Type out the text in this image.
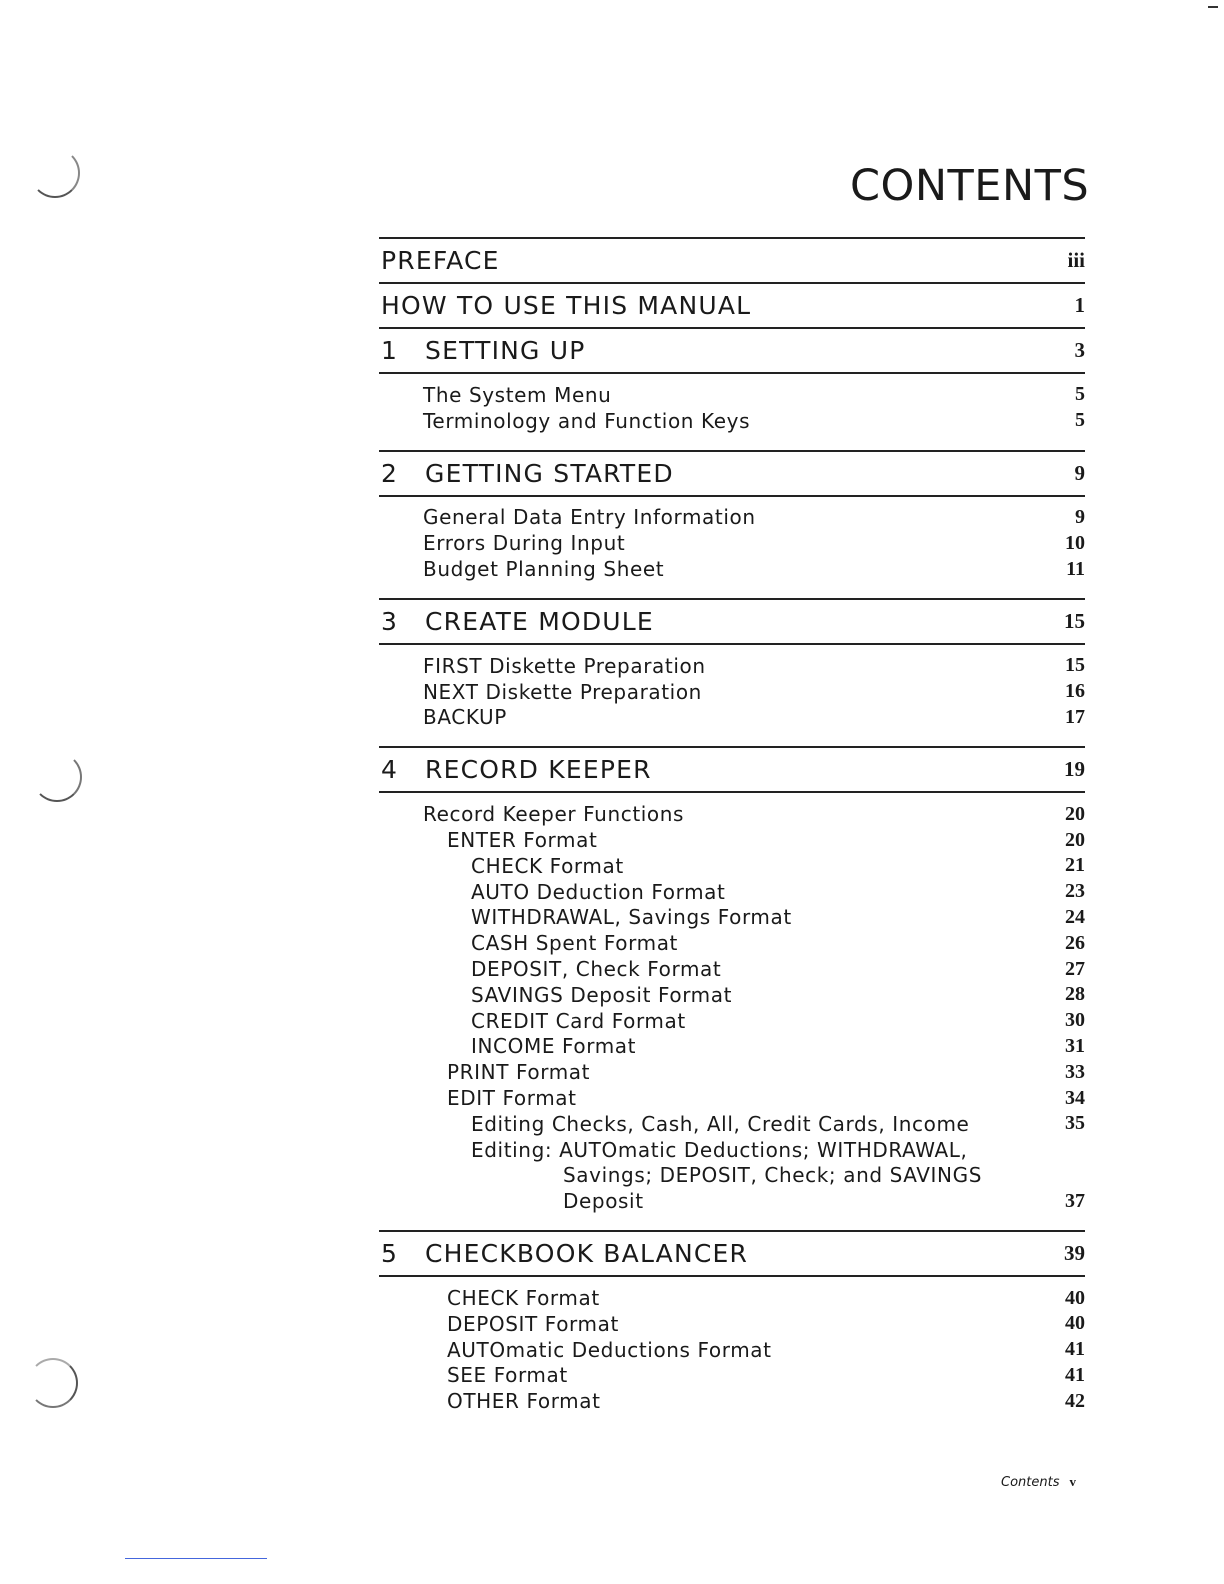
CONTENTS
PREFACE	iii
HOW TO USE THIS MANUAL	1
1	SETTING UP	3
The System Menu	5
Terminology and Function Keys	5
2	GETTING STARTED	9
General Data Entry Information	9
Errors During Input	10
Budget Planning Sheet	11
3	CREATE MODULE	15
FIRST Diskette Preparation	15
NEXT Diskette Preparation	16
BACKUP	17
4	RECORD KEEPER	19
Record Keeper Functions	20
ENTER Format	20
CHECK Format	21
AUTO Deduction Format	23
WITHDRAWAL, Savings Format	24
CASH Spent Format	26
DEPOSIT, Check Format	27
SAVINGS Deposit Format	28
CREDIT Card Format	30
INCOME Format	31
PRINT Format	33
EDIT Format	34
Editing Checks, Cash, All, Credit Cards, Income	35
Editing: AUTOmatic Deductions; WITHDRAWAL,
Savings; DEPOSIT, Check; and SAVINGS
Deposit	37
5	CHECKBOOK BALANCER	39
CHECK Format	40
DEPOSIT Format	40
AUTOmatic Deductions Format	41
SEE Format	41
OTHER Format	42
Contents v
